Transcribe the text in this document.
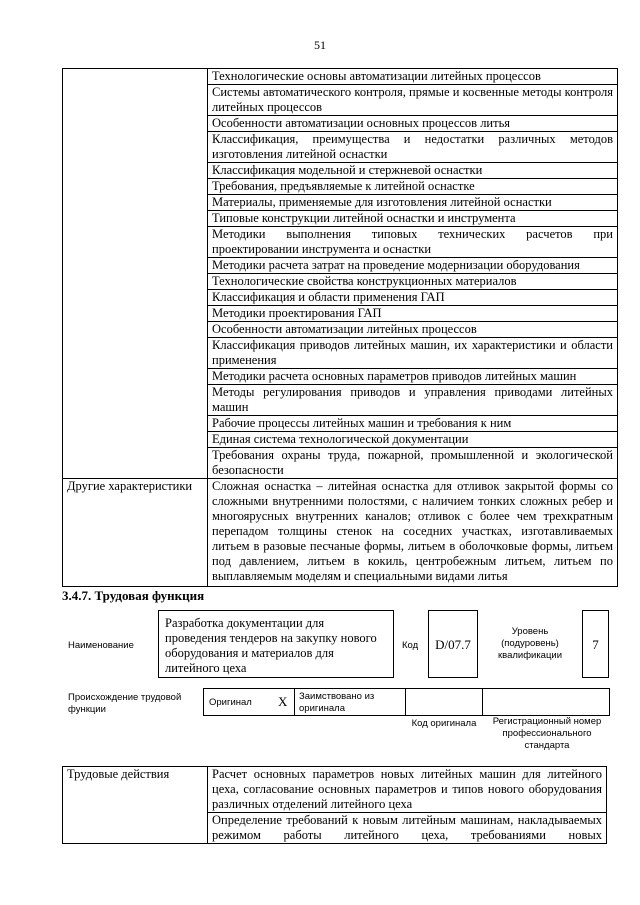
51
	Технологические основы автоматизации литейных процессов
	Системы автоматического контроля, прямые и косвенные методы контроля литейных процессов
	Особенности автоматизации основных процессов литья
	Классификация, преимущества и недостатки различных методов изготовления литейной оснастки
	Классификация модельной и стержневой оснастки
	Требования, предъявляемые к литейной оснастке
	Материалы, применяемые для изготовления литейной оснастки
	Типовые конструкции литейной оснастки и инструмента
	Методики выполнения типовых технических расчетов при проектировании инструмента и оснастки
	Методики расчета затрат на проведение модернизации оборудования
	Технологические свойства конструкционных материалов
	Классификация и области применения ГАП
	Методики проектирования ГАП
	Особенности автоматизации литейных процессов
	Классификация приводов литейных машин, их характеристики и области применения
	Методики расчета основных параметров приводов литейных машин
	Методы регулирования приводов и управления приводами литейных машин
	Рабочие процессы литейных машин и требования к ним
	Единая система технологической документации
	Требования охраны труда, пожарной, промышленной и экологической безопасности
Другие характеристики	Сложная оснастка – литейная оснастка для отливок закрытой формы со сложными внутренними полостями, с наличием тонких сложных ребер и многоярусных внутренних каналов; отливок с более чем трехкратным перепадом толщины стенок на соседних участках, изготавливаемых литьем в разовые песчаные формы, литьем в оболочковые формы, литьем под давлением, литьем в кокиль, центробежным литьем, литьем по выплавляемым моделям и специальными видами литья
3.4.7. Трудовая функция
Наименование
Разработка документации для проведения тендеров на закупку нового оборудования и материалов для литейного цеха
Код	D/07.7
Уровень (подуровень) квалификации
7
Происхождение трудовой функции
Оригинал X	Заимствовано из оригинала
Код оригинала	Регистрационный номер профессионального стандарта
Трудовые действия	Расчет основных параметров новых литейных машин для литейного цеха, согласование основных параметров и типов нового оборудования различных отделений литейного цеха
Определение требований к новым литейным машинам, накладываемых режимом работы литейного цеха, требованиями новых
